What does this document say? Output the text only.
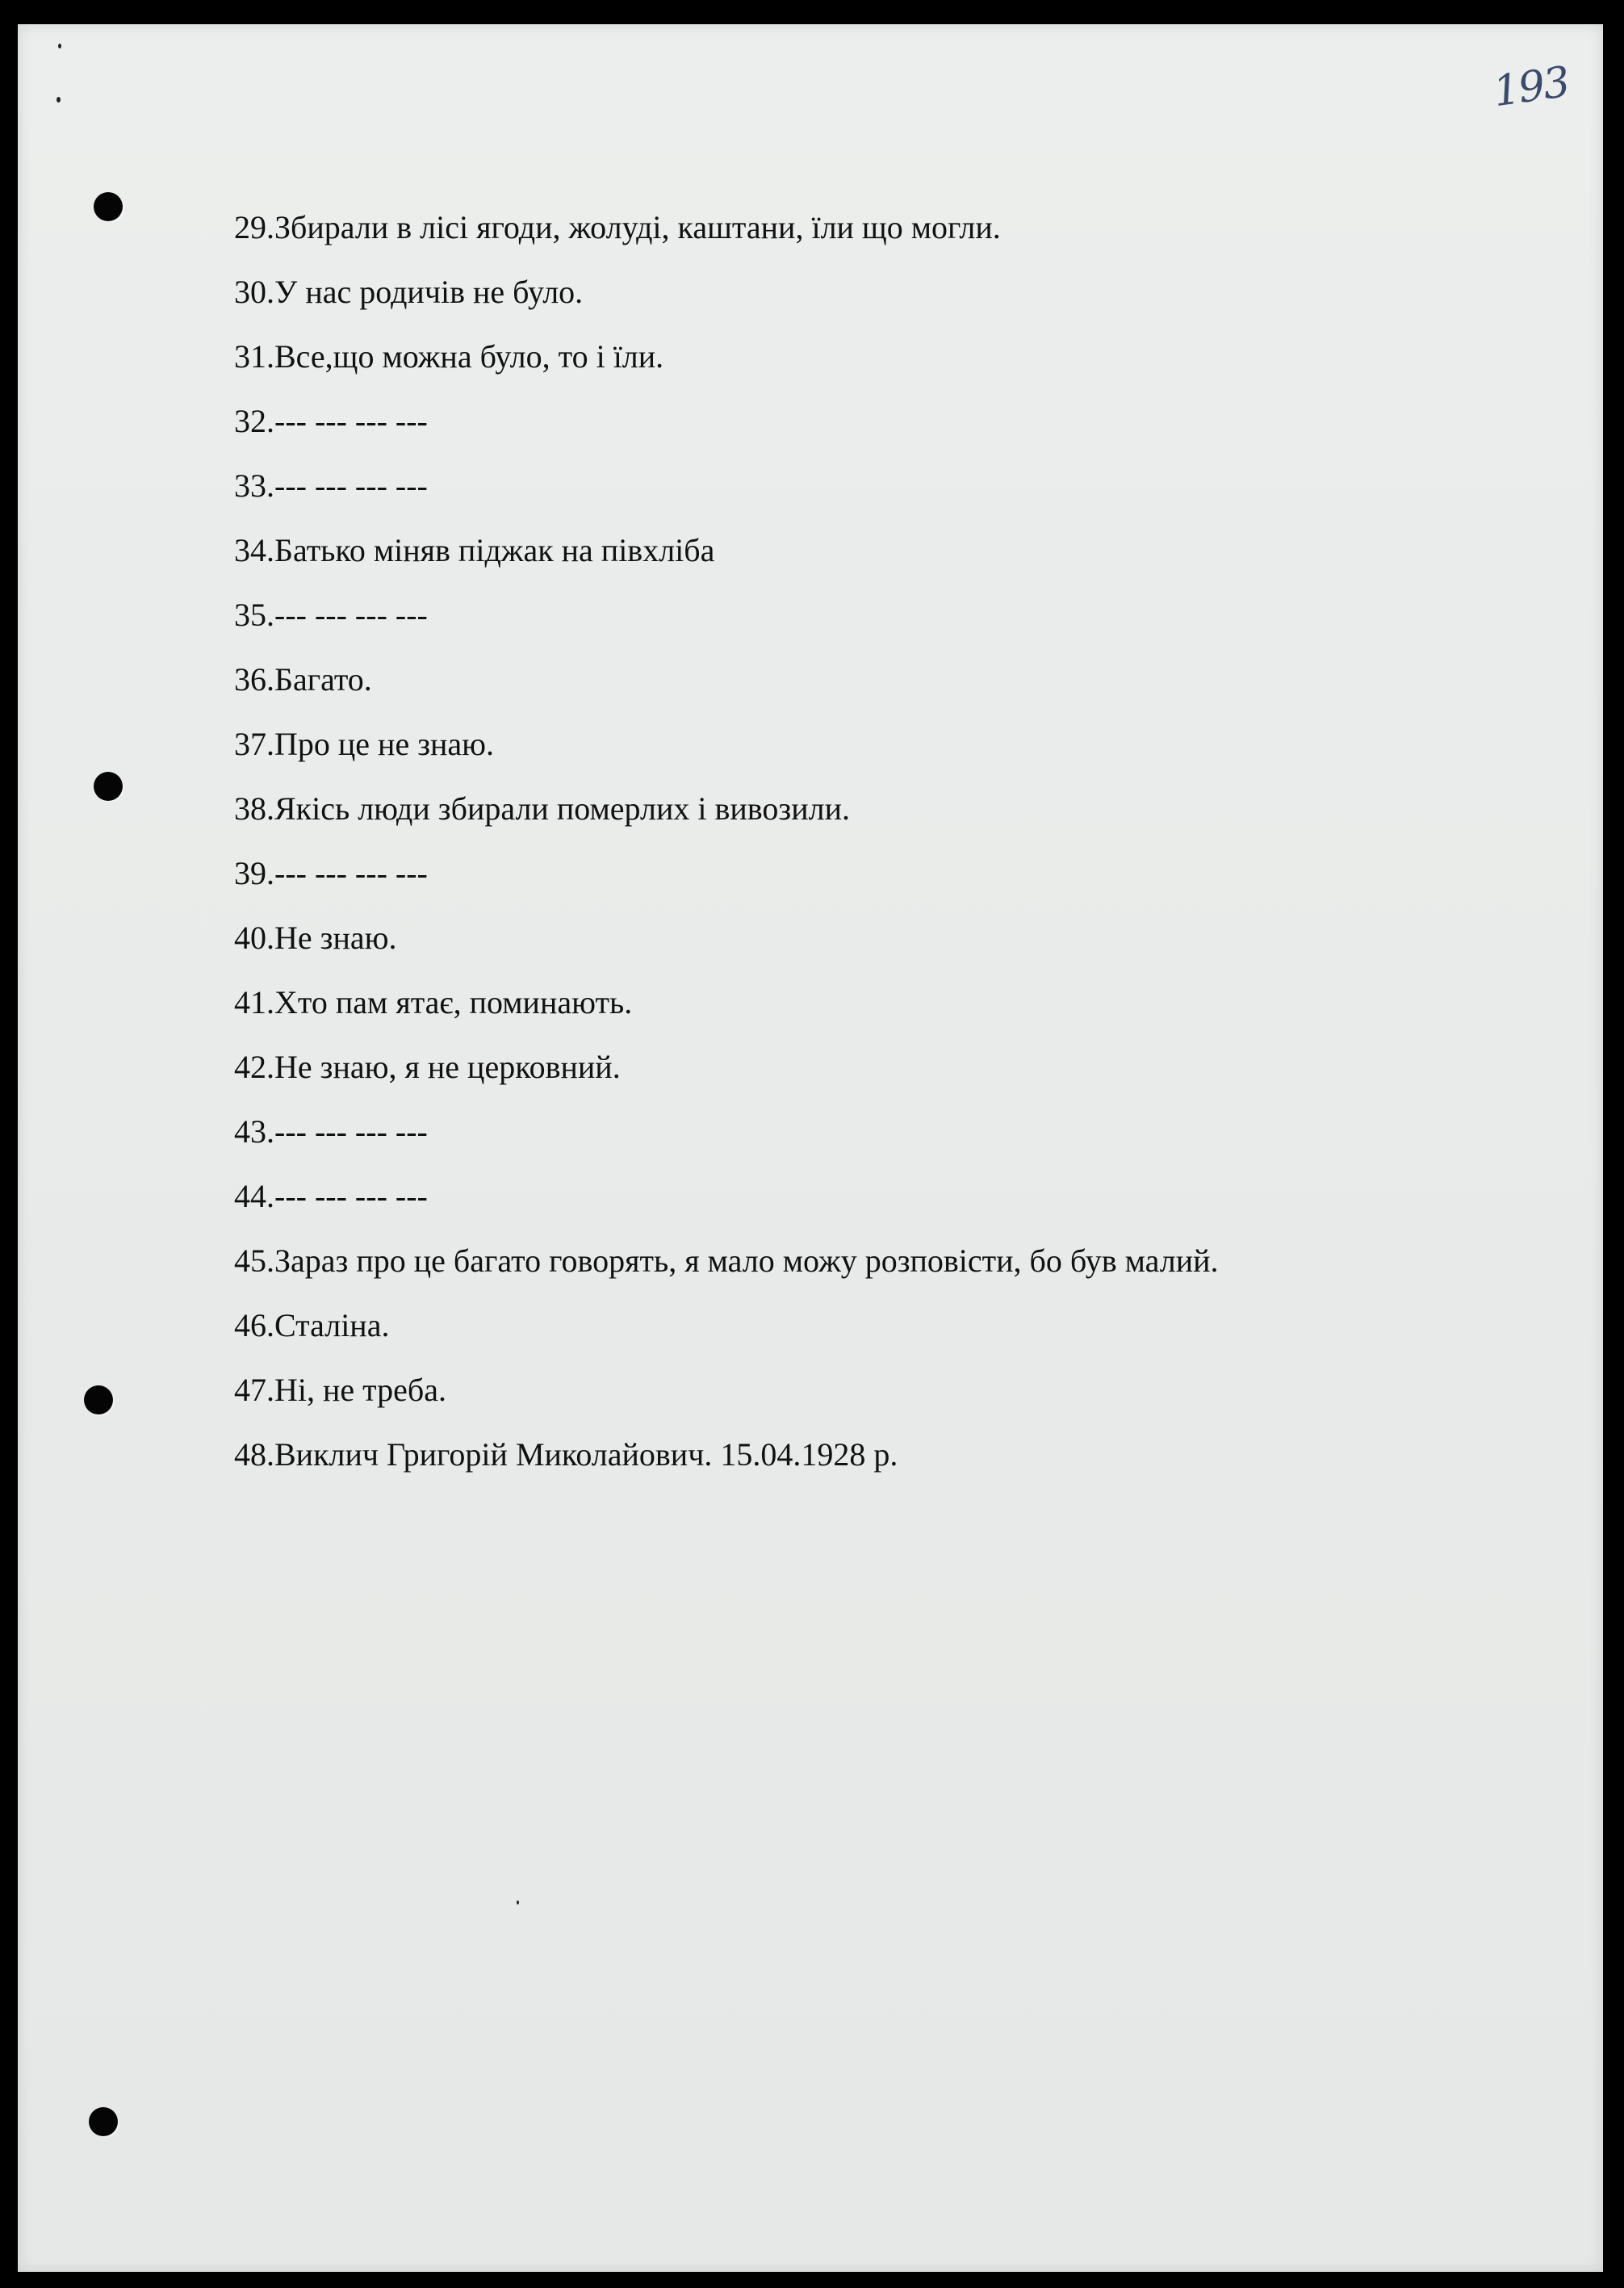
193
29.Збирали в лісі ягоди, жолуді, каштани, їли що могли.
30.У нас родичів не було.
31.Все,що можна було, то і їли.
32.--- --- --- ---
33.--- --- --- ---
34.Батько міняв піджак на півхліба
35.--- --- --- ---
36.Багато.
37.Про це не знаю.
38.Якісь люди збирали померлих і вивозили.
39.--- --- --- ---
40.Не знаю.
41.Хто пам ятає, поминають.
42.Не знаю, я не церковний.
43.--- --- --- ---
44.--- --- --- ---
45.Зараз про це багато говорять, я мало можу розповісти, бо був малий.
46.Сталіна.
47.Ні, не треба.
48.Виклич Григорій Миколайович. 15.04.1928 р.
